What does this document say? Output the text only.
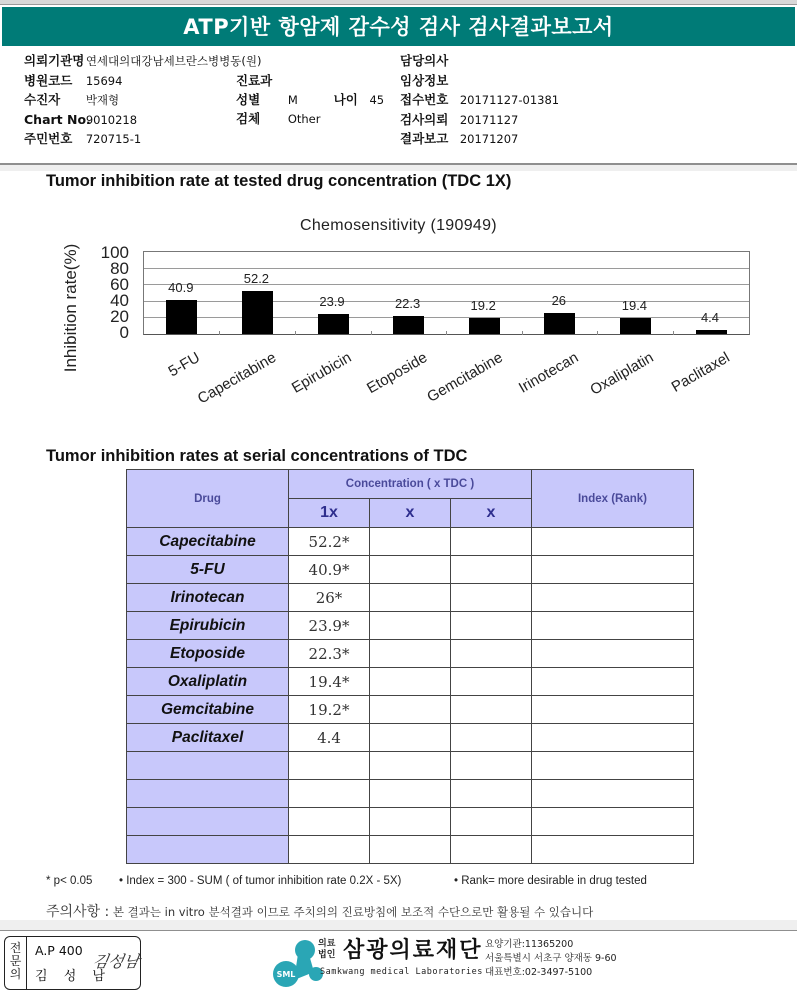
ATP기반 항암제 감수성 검사 검사결과보고서
의뢰기관명 연세대의대강남세브란스병병동(원)
병원코드 15694
수진자 박재형
Chart No. 9010218
주민번호 720715-1
진료과
성별 M	나이 45
검체 Other
담당의사
임상정보
접수번호 20171127-01381
검사의뢰 20171127
결과보고 20171207
Tumor inhibition rate at tested drug concentration (TDC 1X)
Chemosensitivity (190949)
Inhibition rate(%) 100
80
60
40
20
0
40.9
52.2
23.9	22.3	19.2	26	19.4
4.4
5-FU
Capecitabine Epirubicin Etoposide
Gemcitabine Irinotecan Oxaliplatin Paclitaxel
Tumor inhibition rates at serial concentrations of TDC
Drug	Concentration ( x TDC )			Index (Rank)
	1x	x	x	
Capecitabine	52.2*			
5-FU	40.9*			
Irinotecan	26*			
Epirubicin	23.9*			
Etoposide	22.3*			
Oxaliplatin	19.4*			
Gemcitabine	19.2*			
Paclitaxel	4.4			

* p< 0.05 • Index = 300 - SUM ( of tumor inhibition rate 0.2X - 5X)	• Rank= more desirable in drug tested
주의사항 : 본 결과는 in vitro 분석결과 이므로 주치의의 진료방침에 보조적 수단으로만 활용될 수 있습니다
전문의
A.P 400
김 성 남
김성남
SML
의료
법인 삼광의료재단
Samkwang medical Laboratories
요양기관:11365200
서울특별시 서초구 양재동 9-60
대표번호:02-3497-5100
